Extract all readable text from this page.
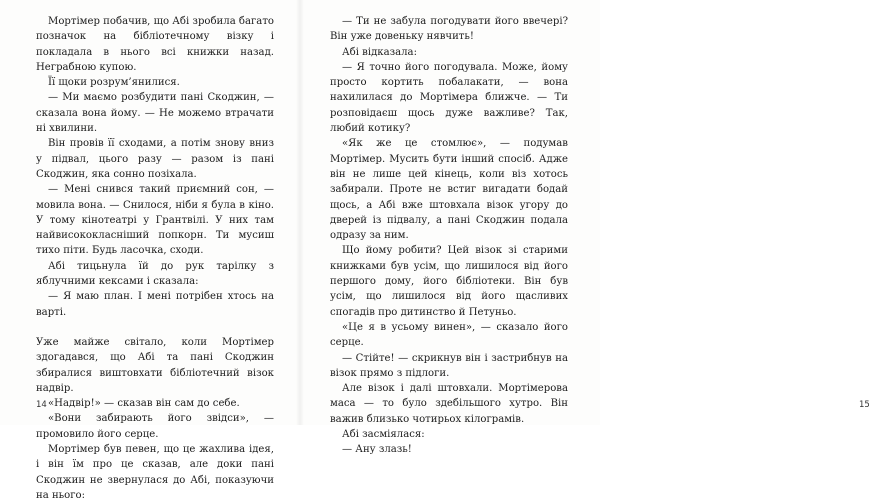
Мортімер побачив, що Абі зробила багато позначок на бібліотечному візку і покладала в нього всі книжки назад. Неграбною купою.

Її щоки розрум’янилися.

— Ми маємо розбудити пані Скоджин, — сказала вона йому. — Не можемо втрачати ні хвилини.

Він провів її сходами, а потім знову вниз у підвал, цього разу — разом із пані Скоджин, яка сонно позіхала.

— Мені снився такий приємний сон, — мовила вона. — Снилося, ніби я була в кіно. У тому кінотеатрі у Грантвілі. У них там найвисококласніший попкорн. Ти мусиш тихо піти. Будь ласочка, сходи.

Абі тицьнула їй до рук тарілку з яблучними кексами і сказала:

— Я маю план. І мені потрібен хтось на варті.

Уже майже світало, коли Мортімер здогадався, що Абі та пані Скоджин збиралися виштовхати бібліотечний візок надвір.

«Надвір!» — сказав він сам до себе.

«Вони забирають його звідси», — промовило його серце.

Мортімер був певен, що це жахлива ідея, і він їм про це сказав, але доки пані Скоджин не звернулася до Абі, показуючи на нього:

14	15

— Ти не забула погодувати його ввечері? Він уже довеньку нявчить!

Абі відказала:

— Я точно його погодувала. Може, йому просто кортить побалакати, — вона нахилилася до Мортімера ближче. — Ти розповідаєш щось дуже важливе? Так, любий котику?

«Як же це стомлює», — подумав Мортімер. Мусить бути інший спосіб. Адже він не лише цей кінець, коли віз хотось забирали. Проте не встиг вигадати бодай щось, а Абі вже штовхала візок угору до дверей із підвалу, а пані Скоджин подала одразу за ним.

Що йому робити? Цей візок зі старими книжками був усім, що лишилося від його першого дому, його бібліотеки. Він був усім, що лишилося від його щасливих спогадів про дитинство й Петуньо.

«Це я в усьому винен», — сказало його серце.

— Стійте! — скрикнув він і застрибнув на візок прямо з підлоги.

Але візок і далі штовхали. Мортімерова маса — то було здебільшого хутро. Він важив близько чотирьох кілограмів.

Абі засміялася:

— Ану злазь!
